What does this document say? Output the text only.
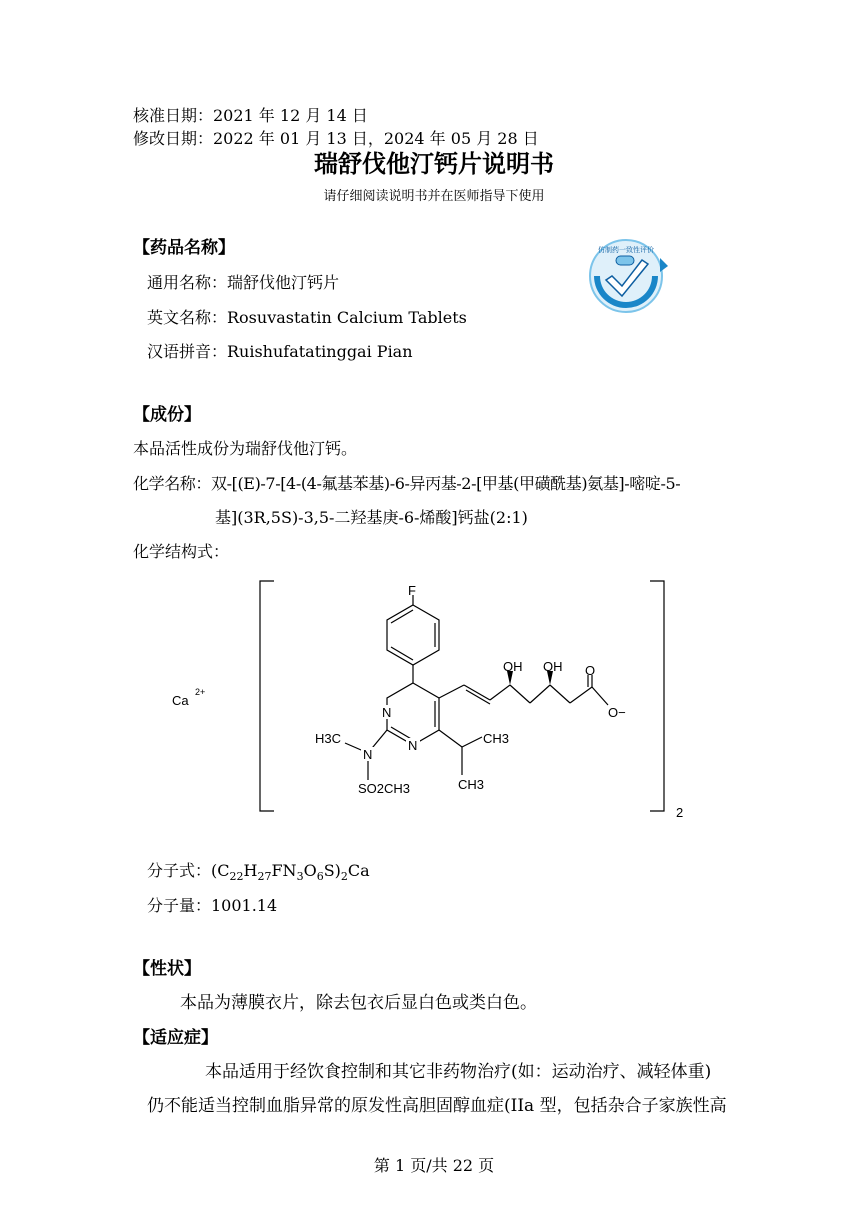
核准日期：2021 年 12 月 14 日
修改日期：2022 年 01 月 13 日，2024 年 05 月 28 日
瑞舒伐他汀钙片说明书
请仔细阅读说明书并在医师指导下使用
仿制药一致性评价
【药品名称】
通用名称：瑞舒伐他汀钙片
英文名称：Rosuvastatin Calcium Tablets
汉语拼音：Ruishufatatinggai Pian
【成份】
本品活性成份为瑞舒伐他汀钙。
化学名称：双-[(E)-7-[4-(4-氟基苯基)-6-异丙基-2-[甲基(甲磺酰基)氨基]-嘧啶-5-
基](3R,5S)-3,5-二羟基庚-6-烯酸]钙盐(2:1)
化学结构式：
F
OH OH O
O−
N
N
N
H3C	CH3
CH3
SO2CH3
Ca
2+
2
分子式：$(C_{22}H_{27}FN_3O_6S)_2Ca$
分子量：1001.14
【性状】
本品为薄膜衣片，除去包衣后显白色或类白色。
【适应症】
本品适用于经饮食控制和其它非药物治疗(如：运动治疗、减轻体重)
仍不能适当控制血脂异常的原发性高胆固醇血症(IIa 型，包括杂合子家族性高
第 1 页/共 22 页
